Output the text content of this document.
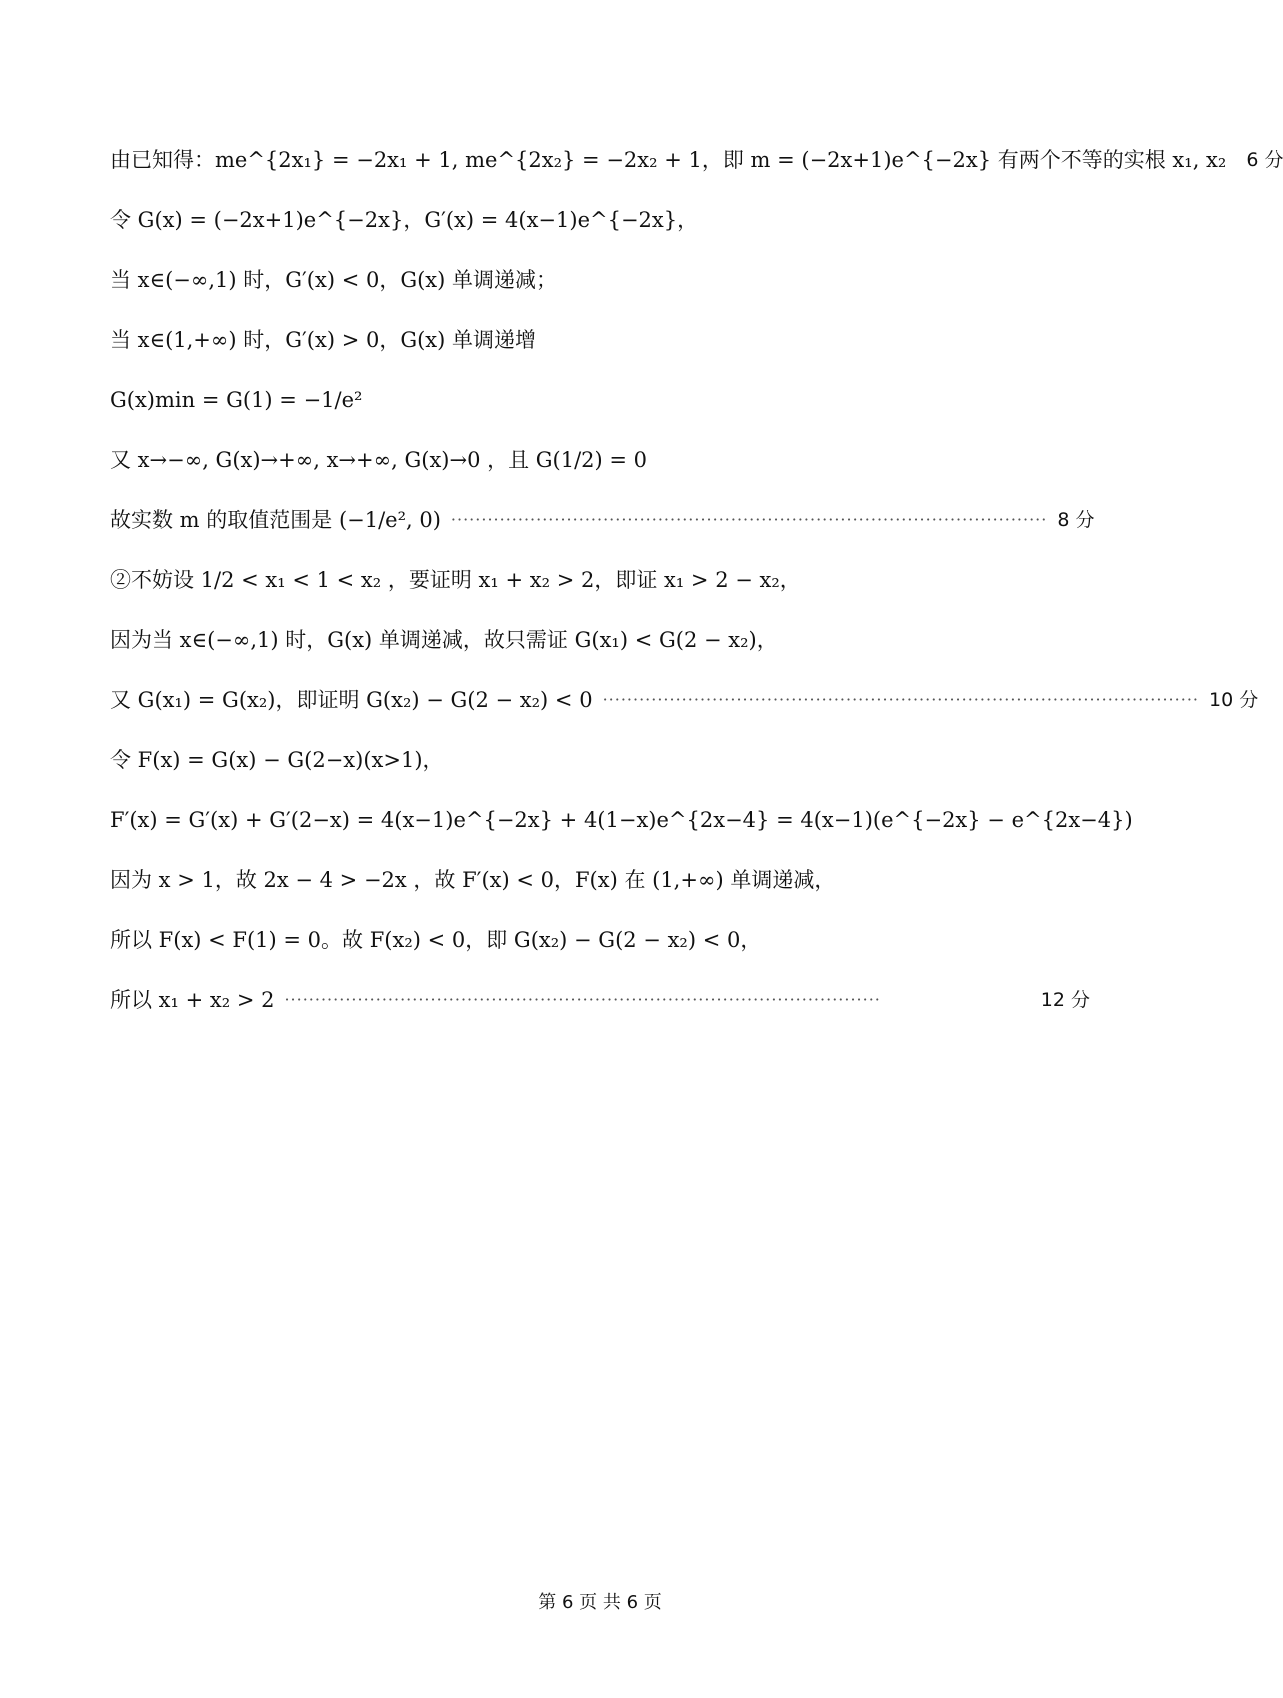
由已知得：me^{2x₁} = −2x₁ + 1, me^{2x₂} = −2x₂ + 1，即 m = (−2x+1)e^{−2x} 有两个不等的实根 x₁, x₂ 6 分
令 G(x) = (−2x+1)e^{−2x}，G′(x) = 4(x−1)e^{−2x}，
当 x∈(−∞,1) 时，G′(x) < 0，G(x) 单调递减；
当 x∈(1,+∞) 时，G′(x) > 0，G(x) 单调递增
G(x)min = G(1) = −1/e²
又 x→−∞, G(x)→+∞, x→+∞, G(x)→0 ，且 G(1/2) = 0
故实数 m 的取值范围是 (−1/e², 0) ·································································································· 8 分
②不妨设 1/2 < x₁ < 1 < x₂ ，要证明 x₁ + x₂ > 2，即证 x₁ > 2 − x₂，
因为当 x∈(−∞,1) 时，G(x) 单调递减，故只需证 G(x₁) < G(2 − x₂)，
又 G(x₁) = G(x₂)，即证明 G(x₂) − G(2 − x₂) < 0 ·································································································· 10 分
令 F(x) = G(x) − G(2−x)(x>1)，
F′(x) = G′(x) + G′(2−x) = 4(x−1)e^{−2x} + 4(1−x)e^{2x−4} = 4(x−1)(e^{−2x} − e^{2x−4})
因为 x > 1，故 2x − 4 > −2x ，故 F′(x) < 0，F(x) 在 (1,+∞) 单调递减，
所以 F(x) < F(1) = 0。故 F(x₂) < 0，即 G(x₂) − G(2 − x₂) < 0，
所以 x₁ + x₂ > 2 ··································································································	12 分
第 6 页 共 6 页
